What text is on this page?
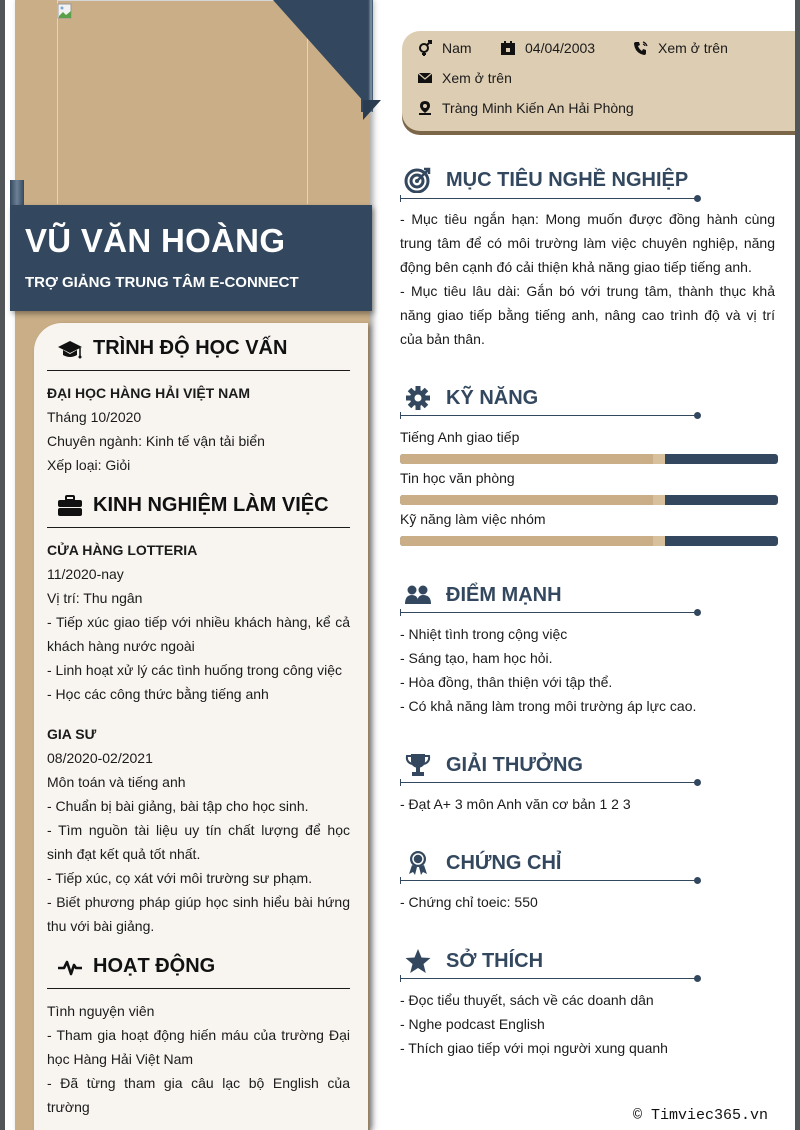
VŨ VĂN HOÀNG
TRỢ GIẢNG TRUNG TÂM E-CONNECT
TRÌNH ĐỘ HỌC VẤN
ĐẠI HỌC HÀNG HẢI VIỆT NAM
Tháng 10/2020
Chuyên ngành: Kinh tế vận tải biển
Xếp loại: Giỏi
KINH NGHIỆM LÀM VIỆC
CỬA HÀNG LOTTERIA
11/2020-nay
Vị trí: Thu ngân
- Tiếp xúc giao tiếp với nhiều khách hàng, kể cả khách hàng nước ngoài
- Linh hoạt xử lý các tình huống trong công việc
- Học các công thức bằng tiếng anh
GIA SƯ
08/2020-02/2021
Môn toán và tiếng anh
- Chuẩn bị bài giảng, bài tập cho học sinh.
- Tìm nguồn tài liệu uy tín chất lượng để học sinh đạt kết quả tốt nhất.
- Tiếp xúc, cọ xát với môi trường sư phạm.
- Biết phương pháp giúp học sinh hiểu bài hứng thu với bài giảng.
HOẠT ĐỘNG
Tình nguyện viên
- Tham gia hoạt động hiến máu của trường Đại học Hàng Hải Việt Nam
- Đã từng tham gia câu lạc bộ English của trường
Nam	04/04/2003	Xem ở trên
Xem ở trên
Tràng Minh Kiến An Hải Phòng
MỤC TIÊU NGHỀ NGHIỆP
- Mục tiêu ngắn hạn: Mong muốn được đồng hành cùng trung tâm để có môi trường làm việc chuyên nghiệp, năng động bên cạnh đó cải thiện khả năng giao tiếp tiếng anh.
- Mục tiêu lâu dài: Gắn bó với trung tâm, thành thục khả năng giao tiếp bằng tiếng anh, nâng cao trình độ và vị trí của bản thân.
KỸ NĂNG
Tiếng Anh giao tiếp
Tin học văn phòng
Kỹ năng làm việc nhóm
ĐIỂM MẠNH
- Nhiệt tình trong cộng việc
- Sáng tạo, ham học hỏi.
- Hòa đồng, thân thiện với tập thể.
- Có khả năng làm trong môi trường áp lực cao.
GIẢI THƯỞNG
- Đạt A+ 3 môn Anh văn cơ bản 1 2 3
CHỨNG CHỈ
- Chứng chỉ toeic: 550
SỞ THÍCH
- Đọc tiểu thuyết, sách về các doanh dân
- Nghe podcast English
- Thích giao tiếp với mọi người xung quanh
© Timviec365.vn
